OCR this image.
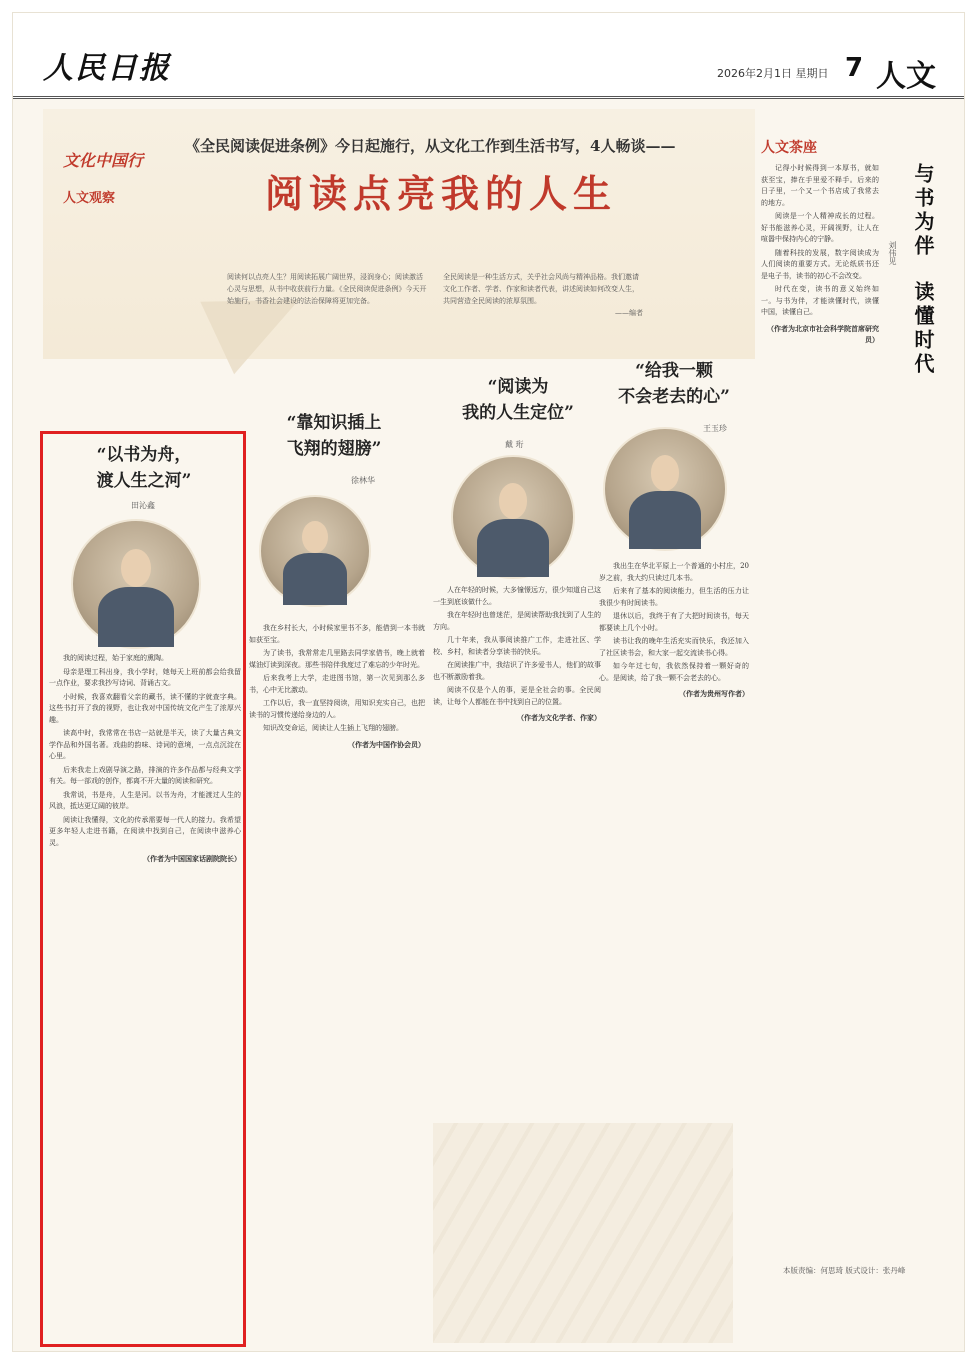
人民日报	2026年2月1日 星期日 7 人文
文化中国行
人文观察
《全民阅读促进条例》今日起施行，从文化工作到生活书写，4人畅谈——
阅读点亮我的人生
阅读何以点亮人生？用阅读拓展广阔世界，浸润身心；阅读激活心灵与思想，从书中收获前行力量。《全民阅读促进条例》今天开始施行，书香社会建设的法治保障将更加完备。
全民阅读是一种生活方式，关乎社会风尚与精神品格。我们邀请文化工作者、学者、作家和读者代表，讲述阅读如何改变人生，共同营造全民阅读的浓厚氛围。
——编者
“以书为舟，
渡人生之河”
田沁鑫

我的阅读过程，始于家庭的熏陶。

母亲是理工科出身，我小学时，她每天上班前都会给我留一点作业，要求我抄写诗词、背诵古文。

小时候，我喜欢翻看父亲的藏书，读不懂的字就查字典。这些书打开了我的视野，也让我对中国传统文化产生了浓厚兴趣。

读高中时，我常常在书店一站就是半天，读了大量古典文学作品和外国名著。戏曲的韵味、诗词的意境，一点点沉淀在心里。

后来我走上戏剧导演之路，排演的许多作品都与经典文学有关。每一部戏的创作，都离不开大量的阅读和研究。

我常说，书是舟，人生是河。以书为舟，才能渡过人生的风浪，抵达更辽阔的彼岸。

阅读让我懂得，文化的传承需要每一代人的接力。我希望更多年轻人走进书籍，在阅读中找到自己，在阅读中滋养心灵。

（作者为中国国家话剧院院长）
“靠知识插上
飞翔的翅膀”
徐林华

我在乡村长大，小时候家里书不多，能借到一本书就如获至宝。

为了读书，我常常走几里路去同学家借书，晚上就着煤油灯读到深夜。那些书陪伴我度过了难忘的少年时光。

后来我考上大学，走进图书馆，第一次见到那么多书，心中无比激动。

工作以后，我一直坚持阅读，用知识充实自己，也把读书的习惯传递给身边的人。

知识改变命运，阅读让人生插上飞翔的翅膀。

（作者为中国作协会员）
“阅读为
我的人生定位”
戴 珩

人在年轻的时候，大多憧憬远方，很少知道自己这一生到底该做什么。

我在年轻时也曾迷茫，是阅读帮助我找到了人生的方向。

几十年来，我从事阅读推广工作，走进社区、学校、乡村，和读者分享读书的快乐。

在阅读推广中，我结识了许多爱书人，他们的故事也不断激励着我。

阅读不仅是个人的事，更是全社会的事。全民阅读，让每个人都能在书中找到自己的位置。

（作者为文化学者、作家）
“给我一颗
不会老去的心”
王玉珍

我出生在华北平原上一个普通的小村庄，20岁之前，我大约只读过几本书。

后来有了基本的阅读能力，但生活的压力让我很少有时间读书。

退休以后，我终于有了大把时间读书，每天都要读上几个小时。

读书让我的晚年生活充实而快乐，我还加入了社区读书会，和大家一起交流读书心得。

如今年过七旬，我依然保持着一颗好奇的心。是阅读，给了我一颗不会老去的心。

（作者为贵州写作者）
人文茶座
与书为伴
读懂时代
刘伟见

记得小时候得到一本厚书，就如获至宝，捧在手里爱不释手。后来的日子里，一个又一个书店成了我常去的地方。

阅读是一个人精神成长的过程。好书能滋养心灵，开阔视野，让人在喧嚣中保持内心的宁静。

随着科技的发展，数字阅读成为人们阅读的重要方式。无论纸质书还是电子书，读书的初心不会改变。

时代在变，读书的意义始终如一。与书为伴，才能读懂时代，读懂中国，读懂自己。

（作者为北京市社会科学院首席研究员）
本版责编：何思琦 版式设计：张丹峰
